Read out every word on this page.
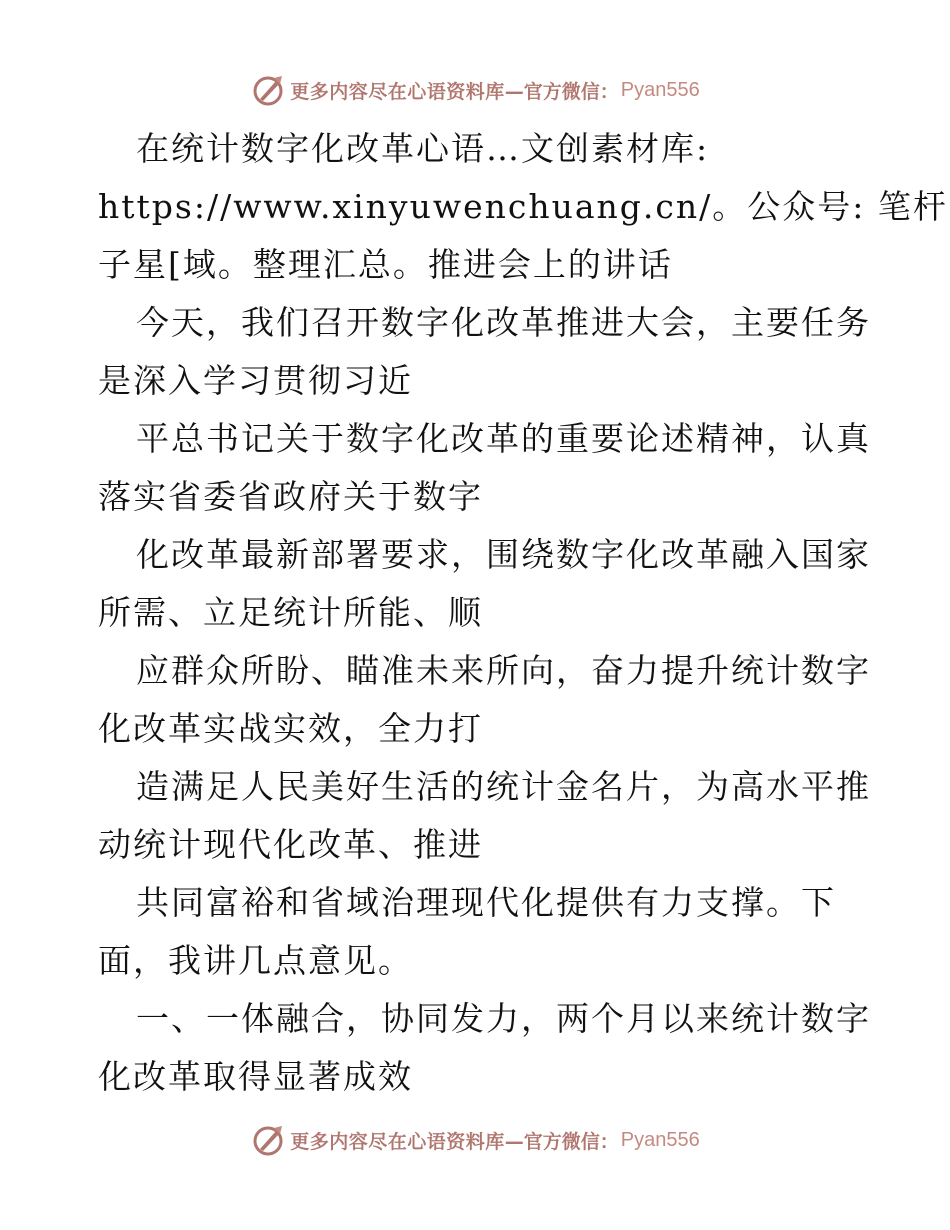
更多内容尽在心语资料库 —官方微信： Pyan556
在统计数字化改革心语…文创素材库:
https://www.xinyuwenchuang.cn/。公众号: 笔杆
子星[域。整理汇总。推进会上的讲话
今天，我们召开数字化改革推进大会，主要任务
是深入学习贯彻习近
平总书记关于数字化改革的重要论述精神，认真
落实省委省政府关于数字
化改革最新部署要求，围绕数字化改革融入国家
所需、立足统计所能、顺
应群众所盼、瞄准未来所向，奋力提升统计数字
化改革实战实效，全力打
造满足人民美好生活的统计金名片，为高水平推
动统计现代化改革、推进
共同富裕和省域治理现代化提供有力支撑。下
面，我讲几点意见。
一、一体融合，协同发力，两个月以来统计数字
化改革取得显著成效
更多内容尽在心语资料库 —官方微信： Pyan556
